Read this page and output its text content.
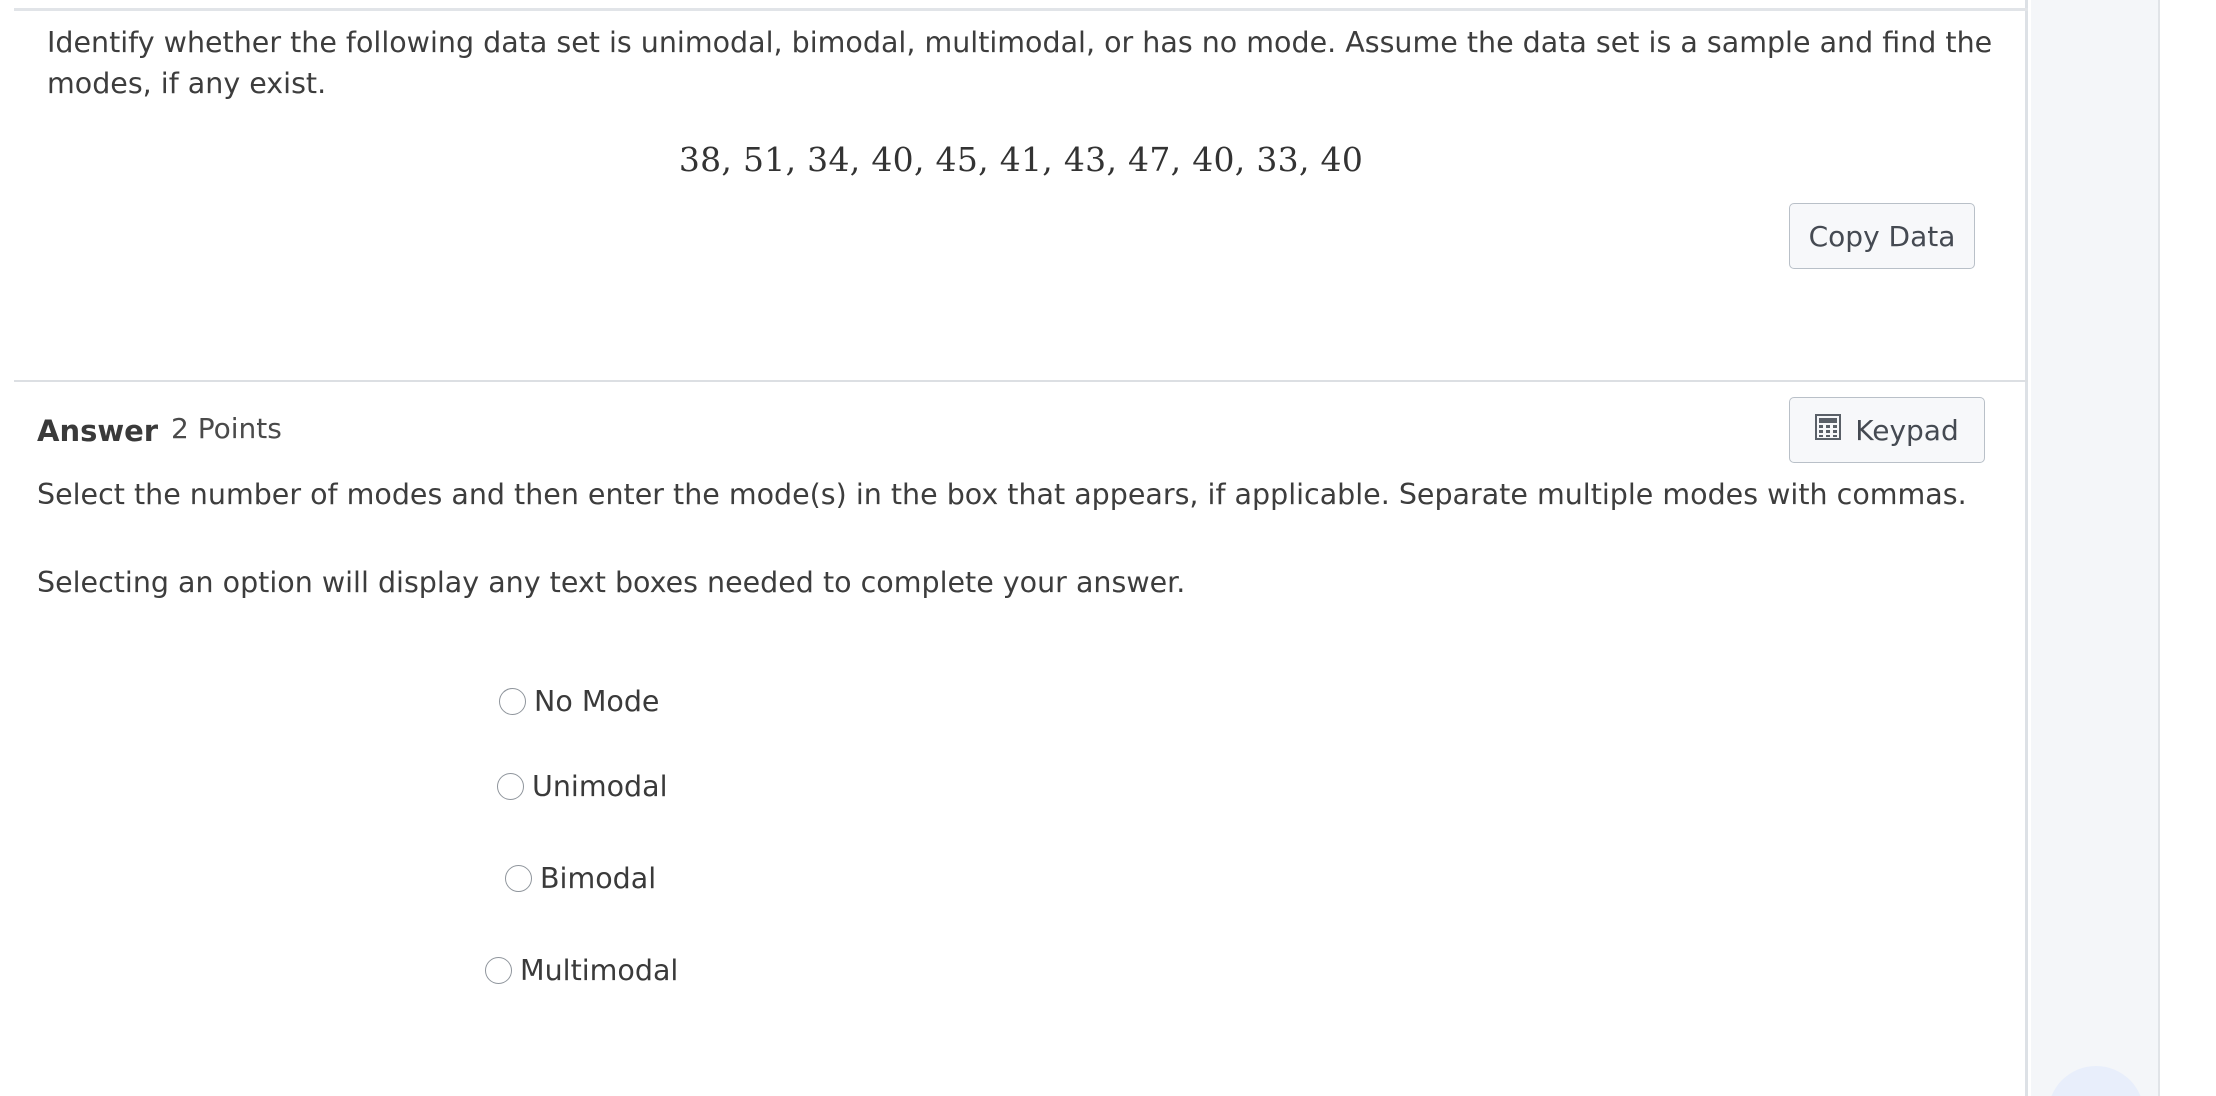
Identify whether the following data set is unimodal, bimodal, multimodal, or has no mode. Assume the data set is a sample and find the modes, if any exist.

38, 51, 34, 40, 45, 41, 43, 47, 40, 33, 40
Copy Data
Answer 2 Points	Keypad

Select the number of modes and then enter the mode(s) in the box that appears, if applicable. Separate multiple modes with commas.

Selecting an option will display any text boxes needed to complete your answer.

No Mode
Unimodal
Bimodal
Multimodal
